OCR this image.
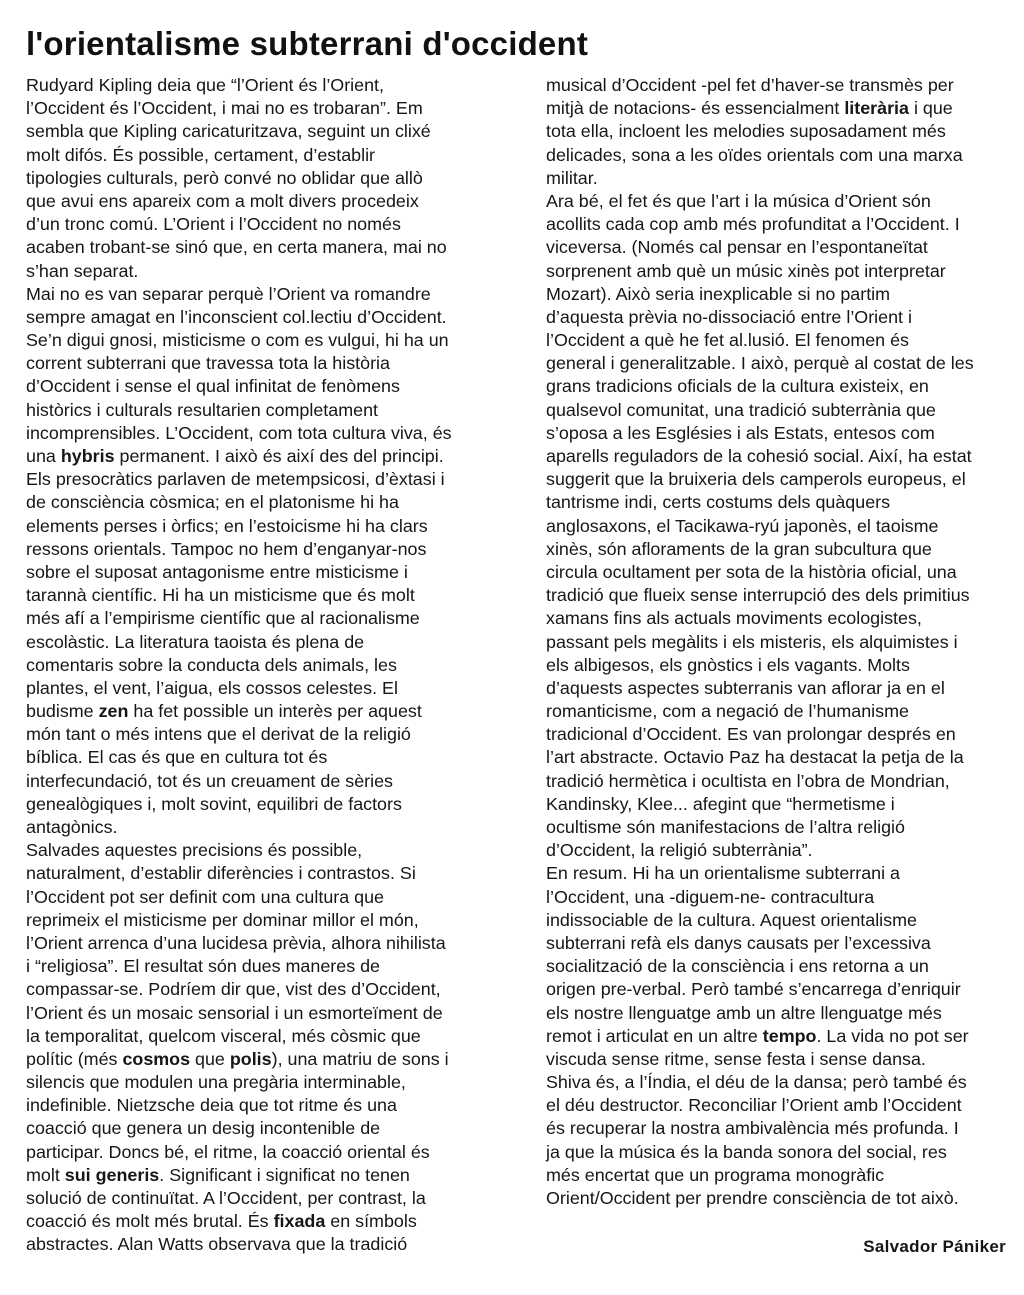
l'orientalisme subterrani d'occident
Rudyard Kipling deia que “l’Orient és l’Orient,
l’Occident és l’Occident, i mai no es trobaran”. Em
sembla que Kipling caricaturitzava, seguint un clixé
molt difós. És possible, certament, d’establir
tipologies culturals, però convé no oblidar que allò
que avui ens apareix com a molt divers procedeix
d’un tronc comú. L’Orient i l’Occident no només
acaben trobant-se sinó que, en certa manera, mai no
s’han separat.
Mai no es van separar perquè l’Orient va romandre
sempre amagat en l’inconscient col.lectiu d’Occident.
Se’n digui gnosi, misticisme o com es vulgui, hi ha un
corrent subterrani que travessa tota la història
d’Occident i sense el qual infinitat de fenòmens
històrics i culturals resultarien completament
incomprensibles. L’Occident, com tota cultura viva, és
una hybris permanent. I això és així des del principi.
Els presocràtics parlaven de metempsicosi, d’èxtasi i
de consciència còsmica; en el platonisme hi ha
elements perses i òrfics; en l’estoicisme hi ha clars
ressons orientals. Tampoc no hem d’enganyar-nos
sobre el suposat antagonisme entre misticisme i
tarannà científic. Hi ha un misticisme que és molt
més afí a l’empirisme científic que al racionalisme
escolàstic. La literatura taoista és plena de
comentaris sobre la conducta dels animals, les
plantes, el vent, l’aigua, els cossos celestes. El
budisme zen ha fet possible un interès per aquest
món tant o més intens que el derivat de la religió
bíblica. El cas és que en cultura tot és
interfecundació, tot és un creuament de sèries
genealògiques i, molt sovint, equilibri de factors
antagònics.
Salvades aquestes precisions és possible,
naturalment, d’establir diferències i contrastos. Si
l’Occident pot ser definit com una cultura que
reprimeix el misticisme per dominar millor el món,
l’Orient arrenca d’una lucidesa prèvia, alhora nihilista
i “religiosa”. El resultat són dues maneres de
compassar-se. Podríem dir que, vist des d’Occident,
l’Orient és un mosaic sensorial i un esmorteïment de
la temporalitat, quelcom visceral, més còsmic que
polític (més cosmos que polis), una matriu de sons i
silencis que modulen una pregària interminable,
indefinible. Nietzsche deia que tot ritme és una
coacció que genera un desig incontenible de
participar. Doncs bé, el ritme, la coacció oriental és
molt sui generis. Significant i significat no tenen
solució de continuïtat. A l’Occident, per contrast, la
coacció és molt més brutal. És fixada en símbols
abstractes. Alan Watts observava que la tradició
musical d’Occident -pel fet d’haver-se transmès per
mitjà de notacions- és essencialment literària i que
tota ella, incloent les melodies suposadament més
delicades, sona a les oïdes orientals com una marxa
militar.
Ara bé, el fet és que l’art i la música d’Orient són
acollits cada cop amb més profunditat a l’Occident. I
viceversa. (Només cal pensar en l’espontaneïtat
sorprenent amb què un músic xinès pot interpretar
Mozart). Això seria inexplicable si no partim
d’aquesta prèvia no-dissociació entre l’Orient i
l’Occident a què he fet al.lusió. El fenomen és
general i generalitzable. I això, perquè al costat de les
grans tradicions oficials de la cultura existeix, en
qualsevol comunitat, una tradició subterrània que
s’oposa a les Esglésies i als Estats, entesos com
aparells reguladors de la cohesió social. Així, ha estat
suggerit que la bruixeria dels camperols europeus, el
tantrisme indi, certs costums dels quàquers
anglosaxons, el Tacikawa-ryú japonès, el taoisme
xinès, són aflorаments de la gran subcultura que
circula ocultament per sota de la història oficial, una
tradició que flueix sense interrupció des dels primitius
xamans fins als actuals moviments ecologistes,
passant pels megàlits i els misteris, els alquimistes i
els albigesos, els gnòstics i els vagants. Molts
d’aquests aspectes subterranis van aflorar ja en el
romanticisme, com a negació de l’humanisme
tradicional d’Occident. Es van prolongar després en
l’art abstracte. Octavio Paz ha destacat la petja de la
tradició hermètica i ocultista en l’obra de Mondrian,
Kandinsky, Klee... afegint que “hermetisme i
ocultisme són manifestacions de l’altra religió
d’Occident, la religió subterrània”.
En resum. Hi ha un orientalisme subterrani a
l’Occident, una -diguem-ne- contracultura
indissociable de la cultura. Aquest orientalisme
subterrani refà els danys causats per l’excessiva
socialització de la consciència i ens retorna a un
origen pre-verbal. Però també s’encarrega d’enriquir
els nostre llenguatge amb un altre llenguatge més
remot i articulat en un altre tempo. La vida no pot ser
viscuda sense ritme, sense festa i sense dansa.
Shiva és, a l’Índia, el déu de la dansa; però també és
el déu destructor. Reconciliar l’Orient amb l’Occident
és recuperar la nostra ambivalència més profunda. I
ja que la música és la banda sonora del social, res
més encertat que un programa monogràfic
Orient/Occident per prendre consciència de tot això.
Salvador Pániker
